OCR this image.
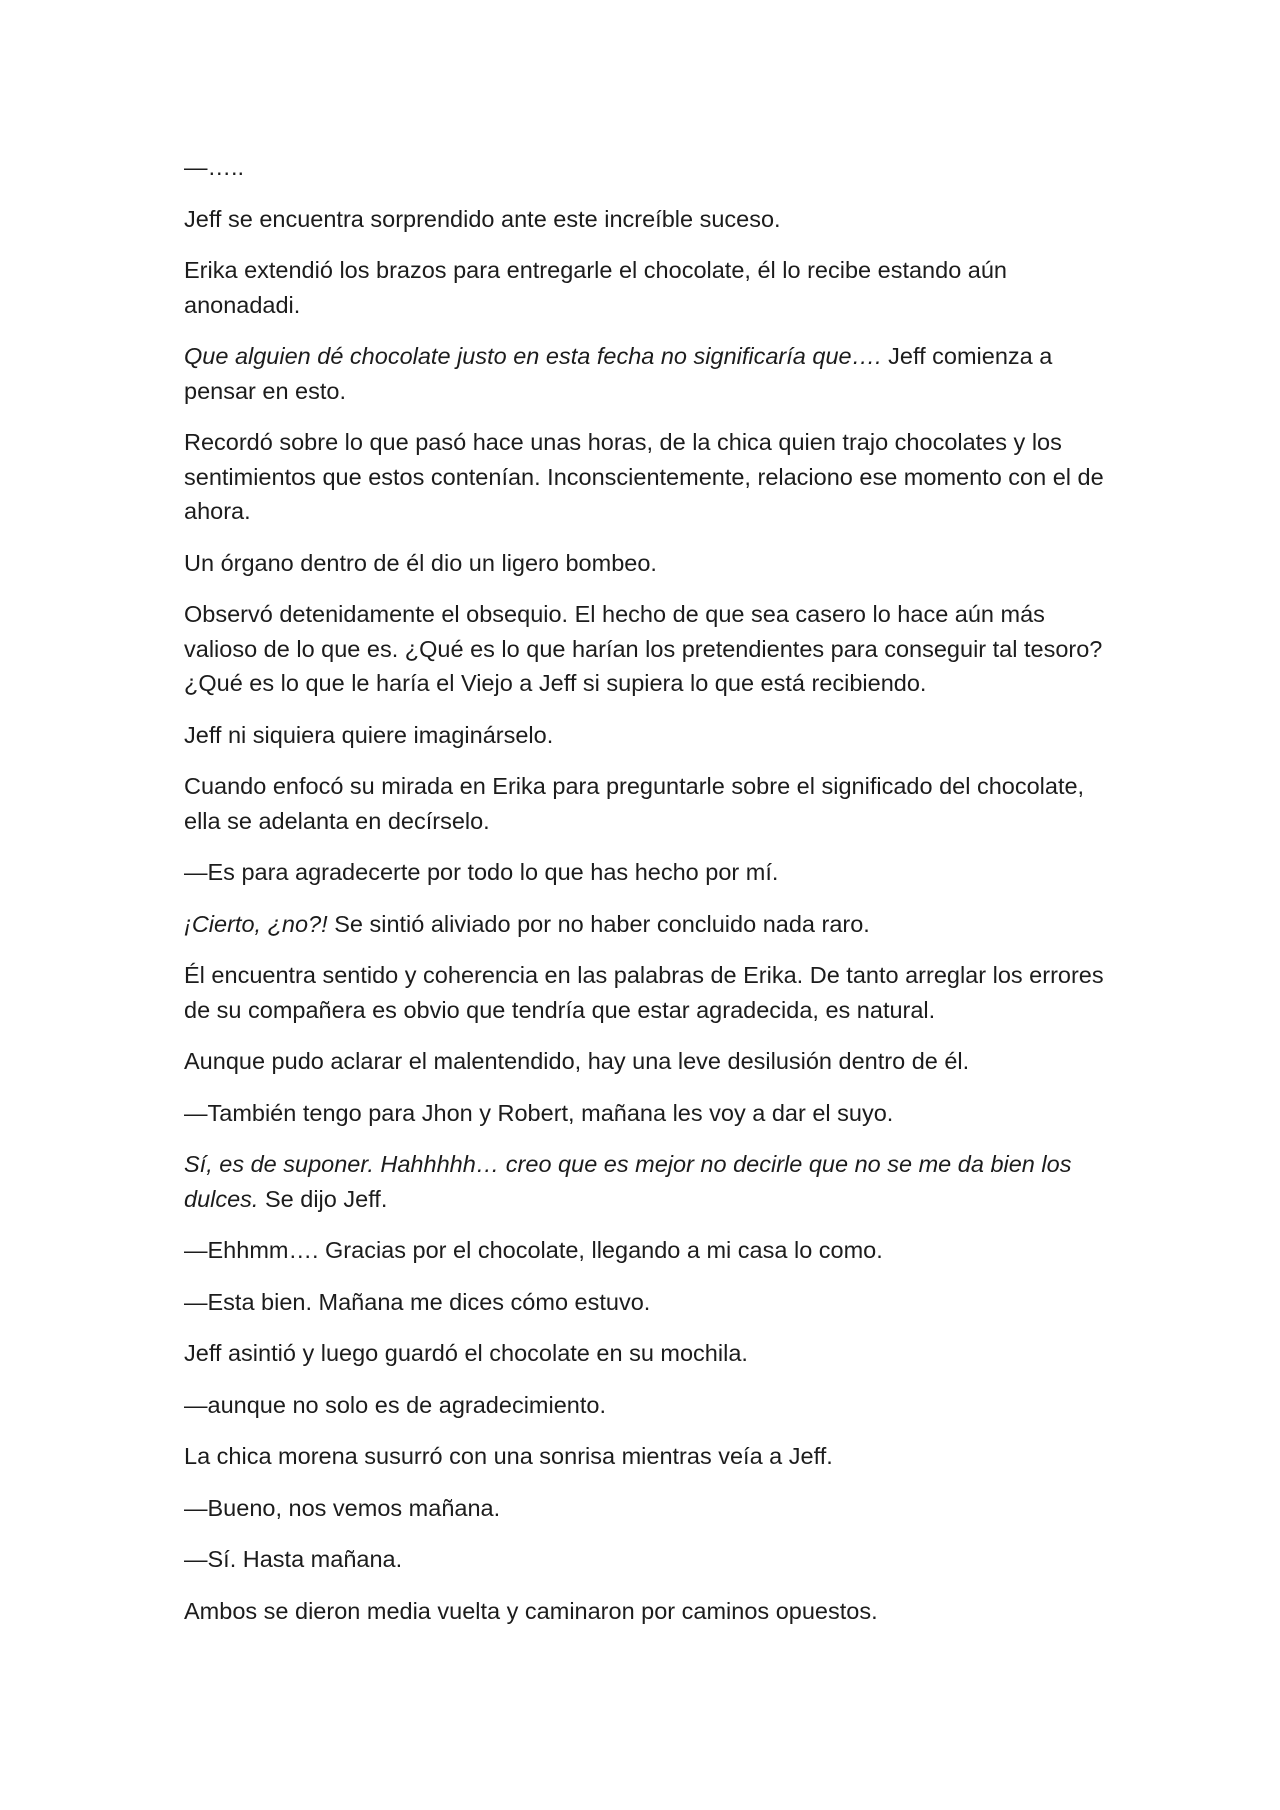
—…..

Jeff se encuentra sorprendido ante este increíble suceso.

Erika extendió los brazos para entregarle el chocolate, él lo recibe estando aún anonadadi.

Que alguien dé chocolate justo en esta fecha no significaría que…. Jeff comienza a pensar en esto.

Recordó sobre lo que pasó hace unas horas, de la chica quien trajo chocolates y los sentimientos que estos contenían. Inconscientemente, relaciono ese momento con el de ahora.

Un órgano dentro de él dio un ligero bombeo.

Observó detenidamente el obsequio. El hecho de que sea casero lo hace aún más valioso de lo que es. ¿Qué es lo que harían los pretendientes para conseguir tal tesoro? ¿Qué es lo que le haría el Viejo a Jeff si supiera lo que está recibiendo.

Jeff ni siquiera quiere imaginárselo.

Cuando enfocó su mirada en Erika para preguntarle sobre el significado del chocolate, ella se adelanta en decírselo.

—Es para agradecerte por todo lo que has hecho por mí.

¡Cierto, ¿no?! Se sintió aliviado por no haber concluido nada raro.

Él encuentra sentido y coherencia en las palabras de Erika. De tanto arreglar los errores de su compañera es obvio que tendría que estar agradecida, es natural.

Aunque pudo aclarar el malentendido, hay una leve desilusión dentro de él.

—También tengo para Jhon y Robert, mañana les voy a dar el suyo.

Sí, es de suponer. Hahhhhh… creo que es mejor no decirle que no se me da bien los dulces. Se dijo Jeff.

—Ehhmm…. Gracias por el chocolate, llegando a mi casa lo como.

—Esta bien. Mañana me dices cómo estuvo.

Jeff asintió y luego guardó el chocolate en su mochila.

—aunque no solo es de agradecimiento.

La chica morena susurró con una sonrisa mientras veía a Jeff.

—Bueno, nos vemos mañana.

—Sí. Hasta mañana.

Ambos se dieron media vuelta y caminaron por caminos opuestos.
